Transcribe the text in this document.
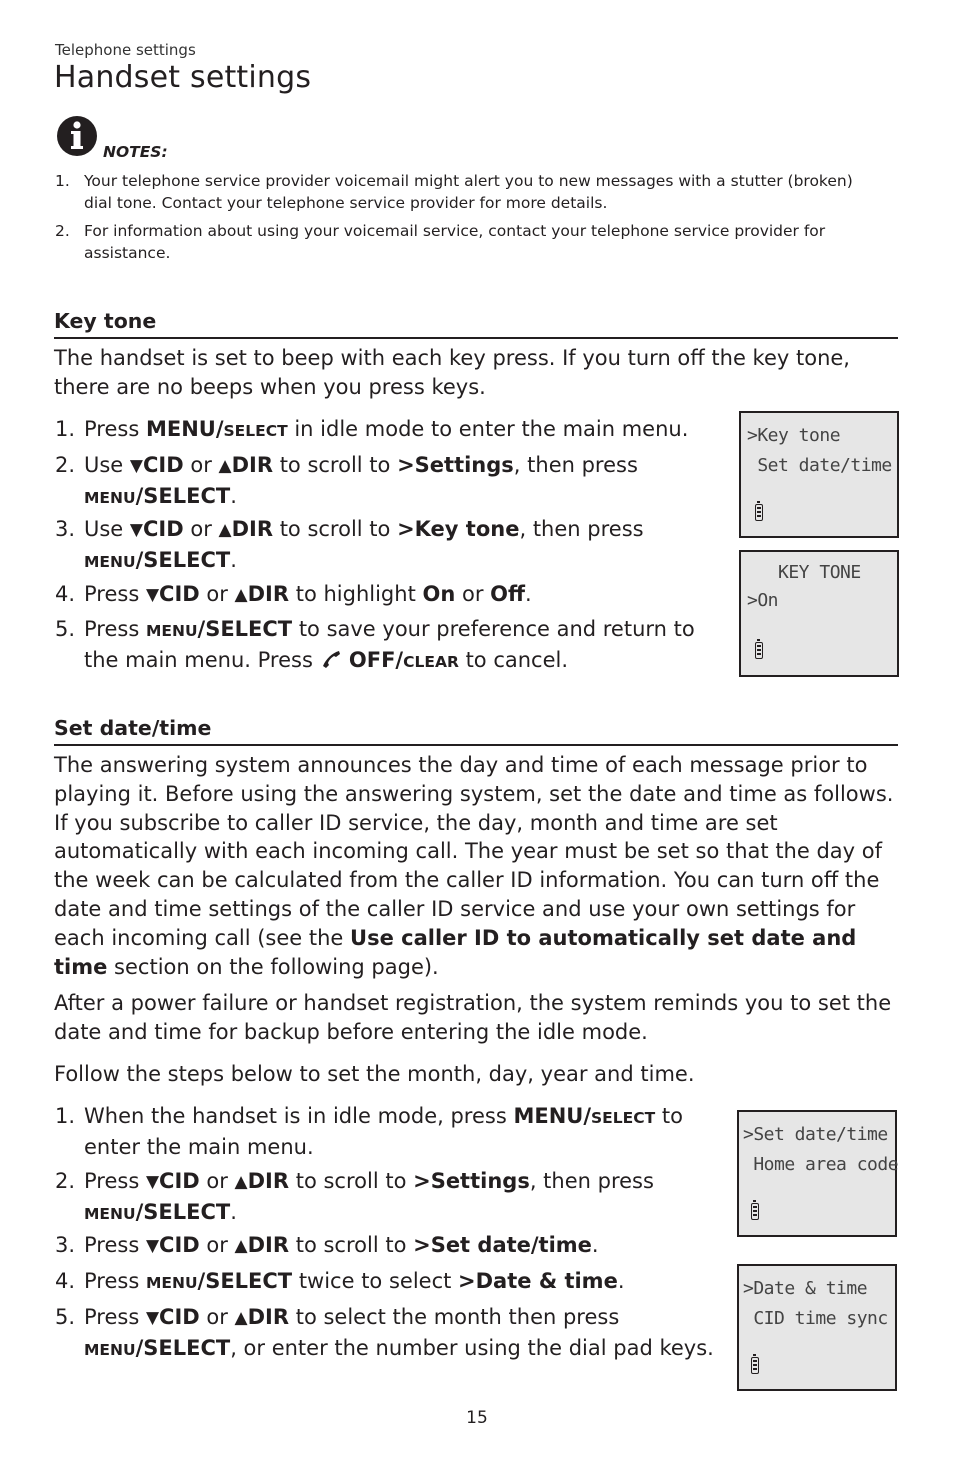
Telephone settings
Handset settings
NOTES:
1. Your telephone service provider voicemail might alert you to new messages with a stutter (broken) dial tone. Contact your telephone service provider for more details.
2. For information about using your voicemail service, contact your telephone service provider for assistance.
Key tone
The handset is set to beep with each key press. If you turn off the key tone, there are no beeps when you press keys.
1. Press MENU/SELECT in idle mode to enter the main menu.
2. Use ▼CID or ▲DIR to scroll to >Settings, then press
MENU/SELECT.
3. Use ▼CID or ▲DIR to scroll to >Key tone, then press
MENU/SELECT.
4. Press ▼CID or ▲DIR to highlight On or Off.
5. Press MENU/SELECT to save your preference and return to
the main menu. Press  OFF/CLEAR to cancel.
>Key tone
Set date/time
KEY TONE
>On
Set date/time
The answering system announces the day and time of each message prior to playing it. Before using the answering system, set the date and time as follows. If you subscribe to caller ID service, the day, month and time are set automatically with each incoming call. The year must be set so that the day of the week can be calculated from the caller ID information. You can turn off the date and time settings of the caller ID service and use your own settings for each incoming call (see the Use caller ID to automatically set date and time section on the following page).
After a power failure or handset registration, the system reminds you to set the date and time for backup before entering the idle mode.
Follow the steps below to set the month, day, year and time.
1. When the handset is in idle mode, press MENU/SELECT to
enter the main menu.
2. Press ▼CID or ▲DIR to scroll to >Settings, then press
MENU/SELECT.
3. Press ▼CID or ▲DIR to scroll to >Set date/time.
4. Press MENU/SELECT twice to select >Date & time.
5. Press ▼CID or ▲DIR to select the month then press
MENU/SELECT, or enter the number using the dial pad keys.
>Set date/time
Home area code
>Date & time
CID time sync
15
